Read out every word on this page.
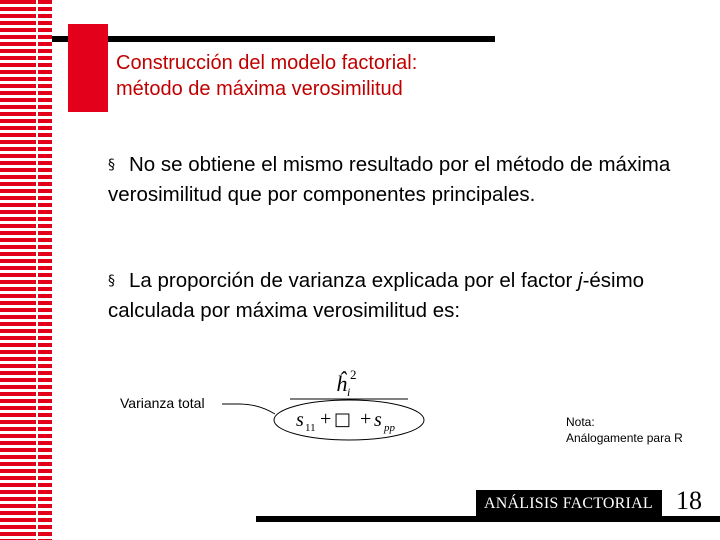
Construcción del modelo factorial:
método de máxima verosimilitud
§ No se obtiene el mismo resultado por el método de máxima verosimilitud que por componentes principales.
§ La proporción de varianza explicada por el factor j-ésimo calculada por máxima verosimilitud es:
Varianza total
ĥ i
2
s 11 + □ + s pp	Nota:
Análogamente para R
ANÁLISIS FACTORIAL 18
